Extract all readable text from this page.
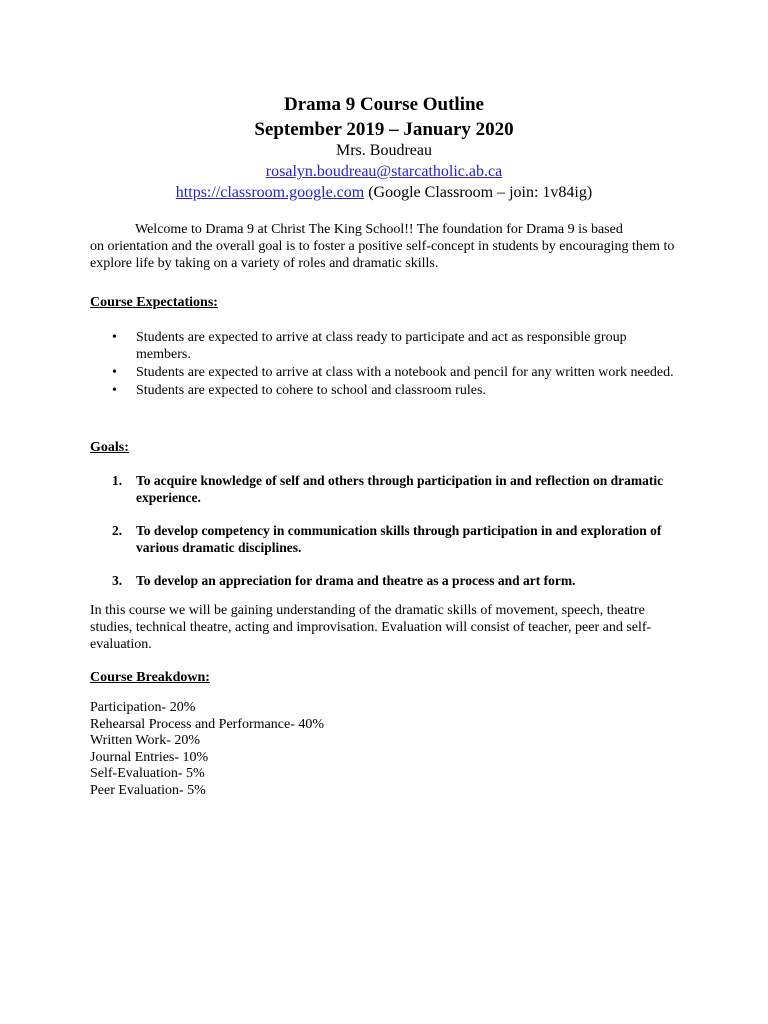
Drama 9 Course Outline
September 2019 – January 2020
Mrs. Boudreau
rosalyn.boudreau@starcatholic.ab.ca
https://classroom.google.com (Google Classroom – join: 1v84ig)
Welcome to Drama 9 at Christ The King School!! The foundation for Drama 9 is based
on orientation and the overall goal is to foster a positive self-concept in students by encouraging them to explore life by taking on a variety of roles and dramatic skills.
Course Expectations:
• Students are expected to arrive at class ready to participate and act as responsible group members.
• Students are expected to arrive at class with a notebook and pencil for any written work needed.
• Students are expected to cohere to school and classroom rules.
Goals:
1. To acquire knowledge of self and others through participation in and reflection on dramatic experience.
2. To develop competency in communication skills through participation in and exploration of various dramatic disciplines.
3. To develop an appreciation for drama and theatre as a process and art form.
In this course we will be gaining understanding of the dramatic skills of movement, speech, theatre studies, technical theatre, acting and improvisation. Evaluation will consist of teacher, peer and self-evaluation.
Course Breakdown:
Participation- 20%
Rehearsal Process and Performance- 40%
Written Work- 20%
Journal Entries- 10%
Self-Evaluation- 5%
Peer Evaluation- 5%
